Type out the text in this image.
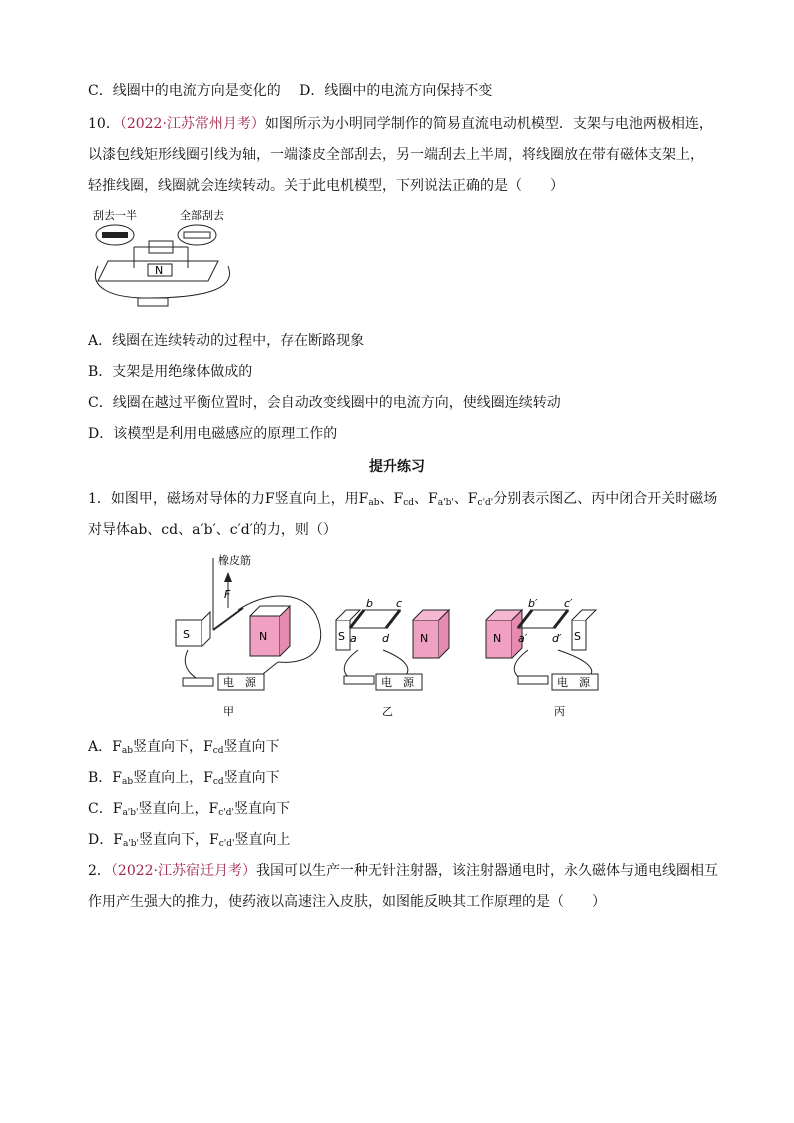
C．线圈中的电流方向是变化的　 D．线圈中的电流方向保持不变
10．（2022·江苏常州月考）如图所示为小明同学制作的简易直流电动机模型．支架与电池两极相连，
以漆包线矩形线圈引线为轴，一端漆皮全部刮去，另一端刮去上半周，将线圈放在带有磁体支架上，
轻推线圈，线圈就会连续转动。关于此电机模型，下列说法正确的是（　　）
刮去一半	全部刮去
N
A．线圈在连续转动的过程中，存在断路现象
B．支架是用绝缘体做成的
C．线圈在越过平衡位置时，会自动改变线圈中的电流方向，使线圈连续转动
D．该模型是利用电磁感应的原理工作的
提升练习
1．如图甲，磁场对导体的力F竖直向上，用$F_{ab}$、$F_{cd}$、$F_{a'b'}$、$F_{c'd'}$分别表示图乙、丙中闭合开关时磁场
对导体ab、cd、a′b′、c′d′的力，则（）
橡皮筋
F
S	N
电　源
甲
S
b c
a d	N
电　源
乙
N
b′ c′
a′ d′ S
电　源
丙
A．$F_{ab}$竖直向下，$F_{cd}$竖直向下
B．$F_{ab}$竖直向上，$F_{cd}$竖直向下
C．$F_{a'b'}$竖直向上，$F_{c'd'}$竖直向下
D．$F_{a'b'}$竖直向下，$F_{c'd'}$竖直向上
2．（2022·江苏宿迁月考）我国可以生产一种无针注射器，该注射器通电时，永久磁体与通电线圈相互
作用产生强大的推力，使药液以高速注入皮肤，如图能反映其工作原理的是（　　）
